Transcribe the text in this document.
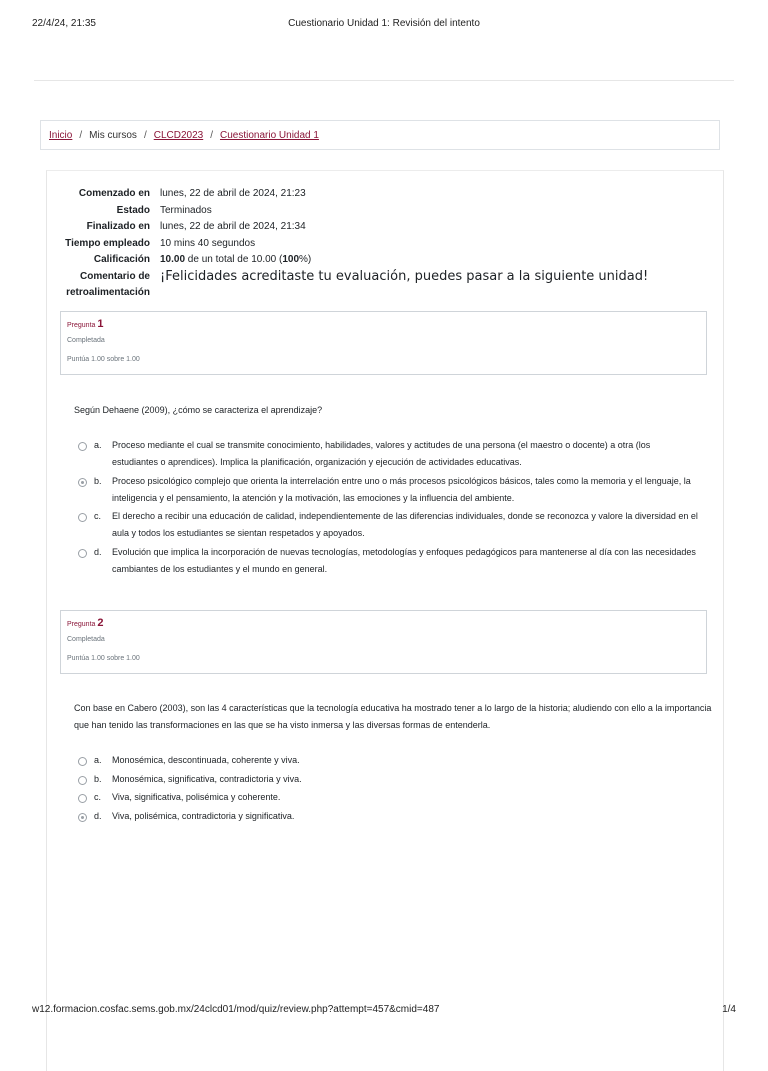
22/4/24, 21:35	Cuestionario Unidad 1: Revisión del intento
Inicio / Mis cursos / CLCD2023 / Cuestionario Unidad 1
Comenzado en	lunes, 22 de abril de 2024, 21:23
Estado	Terminados
Finalizado en	lunes, 22 de abril de 2024, 21:34
Tiempo empleado	10 mins 40 segundos
Calificación	10.00 de un total de 10.00 (100%)
Comentario de
retroalimentación
¡Felicidades acreditaste tu evaluación, puedes pasar a la siguiente unidad!
Pregunta 1
Completada
Puntúa 1.00 sobre 1.00
Según Dehaene (2009), ¿cómo se caracteriza el aprendizaje?
a.	Proceso mediante el cual se transmite conocimiento, habilidades, valores y actitudes de una persona (el maestro o docente) a otra (los estudiantes o aprendices). Implica la planificación, organización y ejecución de actividades educativas.
b.	Proceso psicológico complejo que orienta la interrelación entre uno o más procesos psicológicos básicos, tales como la memoria y el lenguaje, la inteligencia y el pensamiento, la atención y la motivación, las emociones y la influencia del ambiente.
c.	El derecho a recibir una educación de calidad, independientemente de las diferencias individuales, donde se reconozca y valore la diversidad en el aula y todos los estudiantes se sientan respetados y apoyados.
d.	Evolución que implica la incorporación de nuevas tecnologías, metodologías y enfoques pedagógicos para mantenerse al día con las necesidades cambiantes de los estudiantes y el mundo en general.
Pregunta 2
Completada
Puntúa 1.00 sobre 1.00
Con base en Cabero (2003), son las 4 características que la tecnología educativa ha mostrado tener a lo largo de la historia; aludiendo con ello a la importancia que han tenido las transformaciones en las que se ha visto inmersa y las diversas formas de entenderla.
a.	Monosémica, descontinuada, coherente y viva.
b.	Monosémica, significativa, contradictoria y viva.
c.	Viva, significativa, polisémica y coherente.
d.	Viva, polisémica, contradictoria y significativa.
w12.formacion.cosfac.sems.gob.mx/24clcd01/mod/quiz/review.php?attempt=457&cmid=487	1/4
